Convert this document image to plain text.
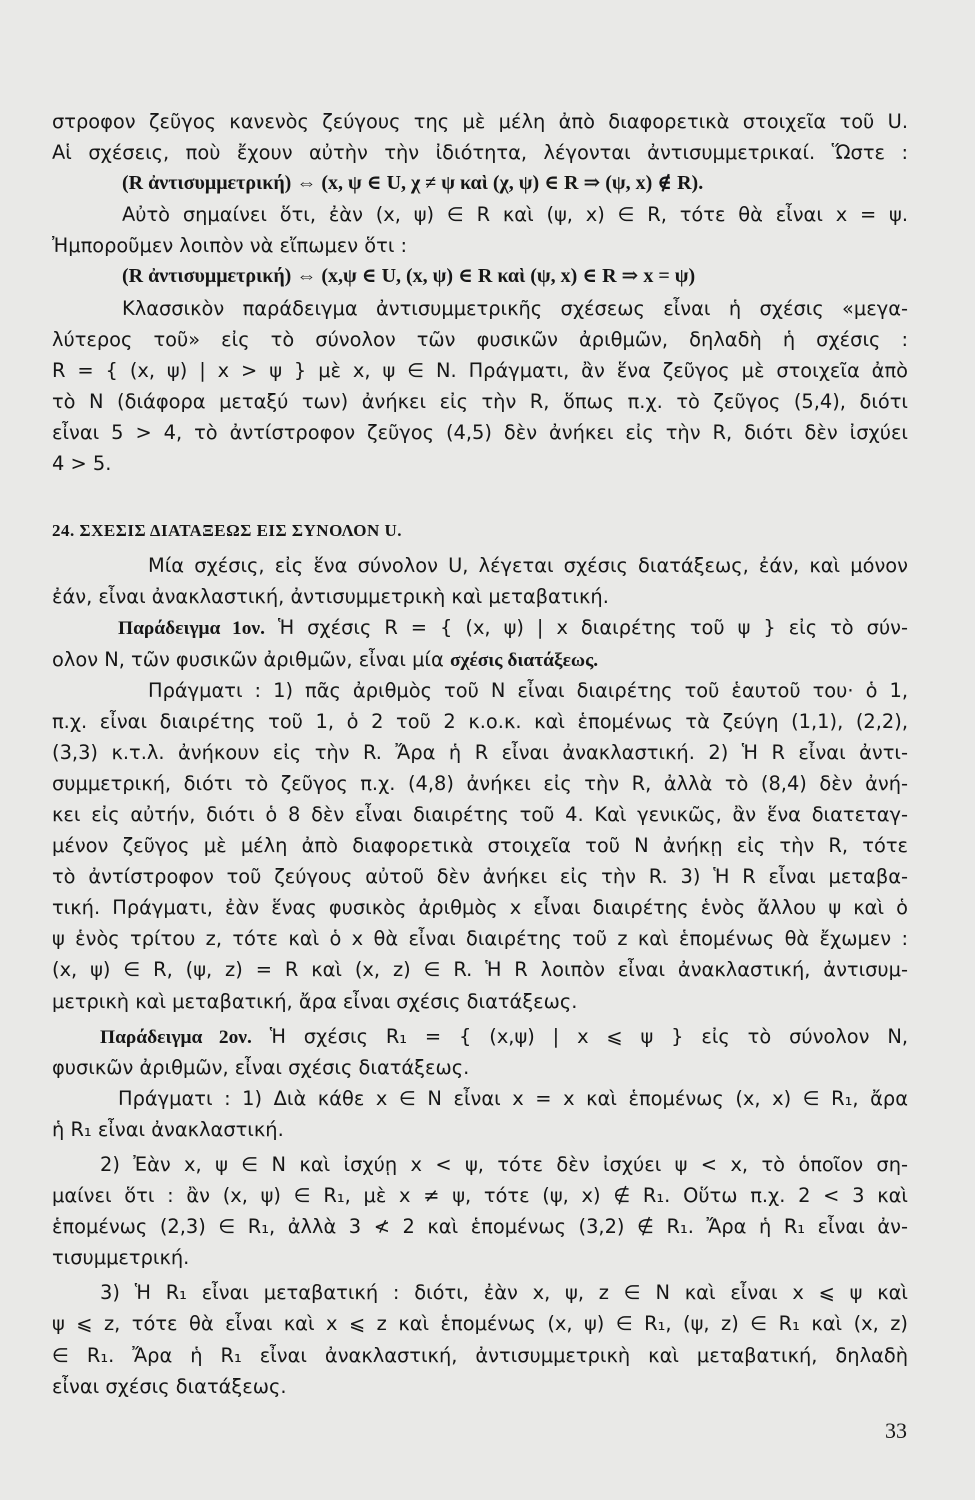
στροφον ζεῦγος κανενὸς ζεύγους της μὲ μέλη ἀπὸ διαφορετικὰ στοιχεῖα τοῦ U.
Αἱ σχέσεις, ποὺ ἔχουν αὐτὴν τὴν ἰδιότητα, λέγονται ἀντισυμμετρικαί. Ὥστε :
(R ἀντισυμμετρική) ⇔ (x, ψ ∈ U, χ ≠ ψ καὶ (χ, ψ) ∈ R ⇒ (ψ, x) ∉ R).
Αὐτὸ σημαίνει ὅτι, ἐὰν (x, ψ) ∈ R καὶ (ψ, x) ∈ R, τότε θὰ εἶναι x = ψ.
Ἠμποροῦμεν λοιπὸν νὰ εἴπωμεν ὅτι :
(R ἀντισυμμετρική) ⇔ (x,ψ ∈ U, (x, ψ) ∈ R καὶ (ψ, x) ∈ R ⇒ x = ψ)
Κλασσικὸν παράδειγμα ἀντισυμμετρικῆς σχέσεως εἶναι ἡ σχέσις «μεγα-
λύτερος τοῦ» εἰς τὸ σύνολον τῶν φυσικῶν ἀριθμῶν, δηλαδὴ ἡ σχέσις :
R = { (x, ψ) | x > ψ } μὲ x, ψ ∈ N. Πράγματι, ἂν ἕνα ζεῦγος μὲ στοιχεῖα ἀπὸ
τὸ N (διάφορα μεταξύ των) ἀνήκει εἰς τὴν R, ὅπως π.χ. τὸ ζεῦγος (5,4), διότι
εἶναι 5 > 4, τὸ ἀντίστροφον ζεῦγος (4,5) δὲν ἀνήκει εἰς τὴν R, διότι δὲν ἰσχύει
4 > 5.
24. ΣΧΕΣΙΣ ΔΙΑΤΑΞΕΩΣ ΕΙΣ ΣΥΝΟΛΟΝ U.
Μία σχέσις, εἰς ἕνα σύνολον U, λέγεται σχέσις διατάξεως, ἐάν, καὶ μόνον
ἐάν, εἶναι ἀνακλαστική, ἀντισυμμετρικὴ καὶ μεταβατική.
Παράδειγμα 1ον. Ἡ σχέσις R = { (x, ψ) | x διαιρέτης τοῦ ψ } εἰς τὸ σύν-
ολον N, τῶν φυσικῶν ἀριθμῶν, εἶναι μία σχέσις διατάξεως.
Πράγματι : 1) πᾶς ἀριθμὸς τοῦ N εἶναι διαιρέτης τοῦ ἑαυτοῦ του· ὁ 1,
π.χ. εἶναι διαιρέτης τοῦ 1, ὁ 2 τοῦ 2 κ.ο.κ. καὶ ἑπομένως τὰ ζεύγη (1,1), (2,2),
(3,3) κ.τ.λ. ἀνήκουν εἰς τὴν R. Ἄρα ἡ R εἶναι ἀνακλαστική. 2) Ἡ R εἶναι ἀντι-
συμμετρική, διότι τὸ ζεῦγος π.χ. (4,8) ἀνήκει εἰς τὴν R, ἀλλὰ τὸ (8,4) δὲν ἀνή-
κει εἰς αὐτήν, διότι ὁ 8 δὲν εἶναι διαιρέτης τοῦ 4. Καὶ γενικῶς, ἂν ἕνα διατεταγ-
μένον ζεῦγος μὲ μέλη ἀπὸ διαφορετικὰ στοιχεῖα τοῦ N ἀνήκῃ εἰς τὴν R, τότε
τὸ ἀντίστροφον τοῦ ζεύγους αὐτοῦ δὲν ἀνήκει εἰς τὴν R. 3) Ἡ R εἶναι μεταβα-
τική. Πράγματι, ἐὰν ἕνας φυσικὸς ἀριθμὸς x εἶναι διαιρέτης ἑνὸς ἄλλου ψ καὶ ὁ
ψ ἑνὸς τρίτου z, τότε καὶ ὁ x θὰ εἶναι διαιρέτης τοῦ z καὶ ἑπομένως θὰ ἔχωμεν :
(x, ψ) ∈ R, (ψ, z) = R καὶ (x, z) ∈ R. Ἡ R λοιπὸν εἶναι ἀνακλαστική, ἀντισυμ-
μετρικὴ καὶ μεταβατική, ἄρα εἶναι σχέσις διατάξεως.
Παράδειγμα 2ον. Ἡ σχέσις R₁ = { (x,ψ) | x ⩽ ψ } εἰς τὸ σύνολον N,
φυσικῶν ἀριθμῶν, εἶναι σχέσις διατάξεως.
Πράγματι : 1) Διὰ κάθε x ∈ N εἶναι x = x καὶ ἑπομένως (x, x) ∈ R₁, ἄρα
ἡ R₁ εἶναι ἀνακλαστική.
2) Ἐὰν x, ψ ∈ N καὶ ἰσχύῃ x < ψ, τότε δὲν ἰσχύει ψ < x, τὸ ὁποῖον ση-
μαίνει ὅτι : ἂν (x, ψ) ∈ R₁, μὲ x ≠ ψ, τότε (ψ, x) ∉ R₁. Οὕτω π.χ. 2 < 3 καὶ
ἑπομένως (2,3) ∈ R₁, ἀλλὰ 3 ≮ 2 καὶ ἑπομένως (3,2) ∉ R₁. Ἄρα ἡ R₁ εἶναι ἀν-
τισυμμετρική.
3) Ἡ R₁ εἶναι μεταβατική : διότι, ἐὰν x, ψ, z ∈ N καὶ εἶναι x ⩽ ψ καὶ
ψ ⩽ z, τότε θὰ εἶναι καὶ x ⩽ z καὶ ἑπομένως (x, ψ) ∈ R₁, (ψ, z) ∈ R₁ καὶ (x, z)
∈ R₁. Ἄρα ἡ R₁ εἶναι ἀνακλαστική, ἀντισυμμετρικὴ καὶ μεταβατική, δηλαδὴ
εἶναι σχέσις διατάξεως.
33
